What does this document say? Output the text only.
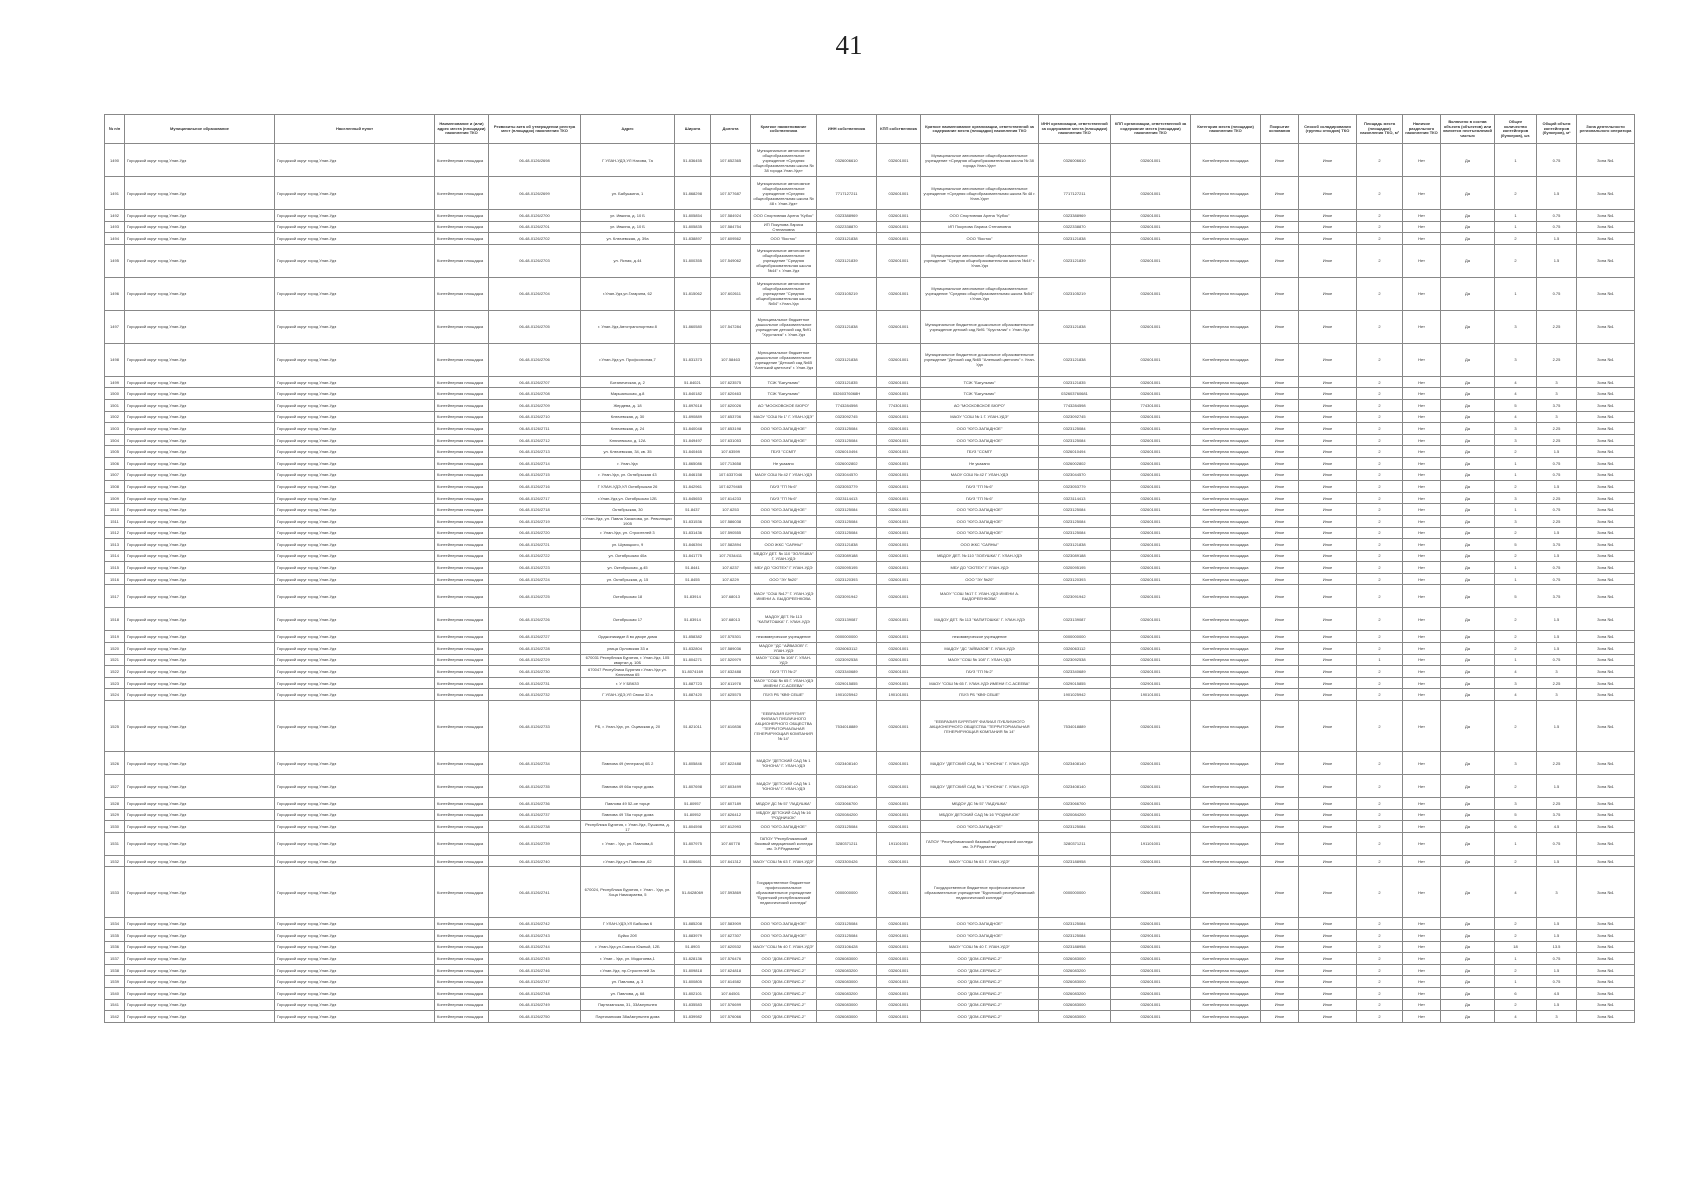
41
№ п/п	Муниципальное образование	Населенный пункт	Наименование и (или) адрес места (площадки) накопления ТКО	Реквизиты акта об утверждении реестра мест (площадок) накопления ТКО	Адрес	Широта	Долгота	Краткое наименование собственника	ИНН собственника	КПП собственника	Краткое наименование организации, ответственной за содержание места (площадки) накопления ТКО	ИНН организации, ответственной за содержание места (площадки) накопления ТКО	КПП организации, ответственной за содержание места (площадки) накопления ТКО	Категория места (площадки) накопления ТКО	Покрытие основания	Способ складирования (группы отходов) ТКО	Площадь места (площадки) накопления ТКО, м²	Наличие раздельного накопления ТКО	Включено в состав объекта (объектов) или является неотъемлемой частью	Общее количество контейнеров (бункеров), шт.	Общий объем контейнеров (бункеров), м³	Зона деятельности регионального оператора
1490	Городской округ город Улан-Удэ	Городской округ город Улан-Удэ	Контейнерная площадка	06-48-0126/2698	Г УЛАН-УДЭ,УЛ Нахова, 7а	51.836455	107.652365	Муниципальное автономное общеобразовательное учреждение «Средняя общеобразовательная школа № 38 города Улан-Удэ»	0326006610	032601001	Муниципальное автономное общеобразовательное учреждение «Средняя общеобразовательная школа № 38 города Улан-Удэ»	0326006610	032601001	Контейнерная площадка	Иное	Иное	2	Нет	Да	1	0.75	Зона №1
1491	Городской округ город Улан-Удэ	Городской округ город Улан-Удэ	Контейнерная площадка	06-48-0126/2699	ул. Бабушкина, 1	51.868298	107.577687	Муниципальное автономное общеобразовательное учреждение «Средняя общеобразовательная школа № 48 г. Улан-Удэ»	7717127211	032601001	Муниципальное автономное общеобразовательное учреждение «Средняя общеобразовательная школа № 48 г. Улан-Удэ»	7717127211	032601001	Контейнерная площадка	Иное	Иное	2	Нет	Да	2	1.5	Зона №1
1492	Городской округ город Улан-Удэ	Городской округ город Улан-Удэ	Контейнерная площадка	06-48-0126/2700	ул. Ивкина, д. 10 Б	51.805854	107.584924	ООО Спортивная Арена "Кубок"	0323388969	032601001	ООО Спортивная Арена "Кубок"	0323388969	032601001	Контейнерная площадка	Иное	Иное	2	Нет	Да	1	0.75	Зона №1
1493	Городской округ город Улан-Удэ	Городской округ город Улан-Удэ	Контейнерная площадка	06-48-0126/2701	ул. Ивкина, д. 10 Б	51.805835	107.584754	ИП Покулова Лариса Степановна	0322338870	032601001	ИП Покулова Лариса Степановна	0322338870	032601001	Контейнерная площадка	Иное	Иное	2	Нет	Да	1	0.75	Зона №1
1494	Городской округ город Улан-Удэ	Городской округ город Улан-Удэ	Контейнерная площадка	06-48-0126/2702	ул. Ключевская, д. 39а	51.838897	107.609562	ООО "Восток"	0323121838	032601001	ООО "Восток"	0323121838	032601001	Контейнерная площадка	Иное	Иное	2	Нет	Да	2	1.5	Зона №1
1495	Городской округ город Улан-Удэ	Городской округ город Улан-Удэ	Контейнерная площадка	06-48-0126/2703	ул. Ясная, д.44	51.800355	107.549062	Муниципальное автономное общеобразовательное учреждение "Средняя общеобразовательная школа №44" г. Улан-Удэ	0323121839	032601001	Муниципальное автономное общеобразовательное учреждение "Средняя общеобразовательная школа №44" г. Улан-Удэ	0323121839	032601001	Контейнерная площадка	Иное	Иное	2	Нет	Да	2	1.5	Зона №1
1496	Городской округ город Улан-Удэ	Городской округ город Улан-Удэ	Контейнерная площадка	06-48-0126/2704	г.Улан-Удэ,ул.Гагарина, 62	51.815062	107.602611	Муниципальное автономное общеобразовательное учреждение "Средняя общеобразовательная школа №54" г.Улан-Удэ	0323105219	032601001	Муниципальное автономное общеобразовательное учреждение "Средняя общеобразовательная школа №54" г.Улан-Удэ	0323105219	032601001	Контейнерная площадка	Иное	Иное	2	Нет	Да	1	0.75	Зона №1
1497	Городской округ город Улан-Удэ	Городской округ город Улан-Удэ	Контейнерная площадка	06-48-0126/2705	г. Улан-Удэ,Автотранспортная 8	51.860580	107.547284	Муниципальное бюджетное дошкольное образовательное учреждение детский сад №91 "Хрусталик" г. Улан-Удэ	0323121838	032601001	Муниципальное бюджетное дошкольное образовательное учреждение детский сад №91 "Хрусталик" г. Улан-Удэ	0323121838	032601001	Контейнерная площадка	Иное	Иное	2	Нет	Да	3	2.25	Зона №1
1498	Городской округ город Улан-Удэ	Городской округ город Улан-Удэ	Контейнерная площадка	06-48-0126/2706	г.Улан-Удэ,ул. Профсоюзная,7	51.831373	107.58463	Муниципальное бюджетное дошкольное образовательное учреждение "Детский сад №65 "Аленький цветочек" г. Улан-Удэ	0323121838	032601001	Муниципальное бюджетное дошкольное образовательное учреждение "Детский сад №65 "Аленький цветочек" г. Улан-Удэ	0323121838	032601001	Контейнерная площадка	Иное	Иное	2	Нет	Да	3	2.25	Зона №1
1499	Городской округ город Улан-Удэ	Городской округ город Улан-Удэ	Контейнерная площадка	06-48-0126/2707	Ботаническая, д. 2	51.84021	107.623575	ТСЖ "Багульник"	0323121835	032601001	ТСЖ "Багульник"	0323121835	032601001	Контейнерная площадка	Иное	Иное	2	Нет	Да	4	3	Зона №1
1500	Городской округ город Улан-Удэ	Городской округ город Улан-Удэ	Контейнерная площадка	06-48-0126/2708	Маршальская, д.8	51.840182	107.620463	ТСЖ "Багульник"	03260376068Н	032601001	ТСЖ "Багульник"	032603760681	032601001	Контейнерная площадка	Иное	Иное	2	Нет	Да	4	3	Зона №1
1501	Городской округ город Улан-Удэ	Городской округ город Улан-Удэ	Контейнерная площадка	06-48-0126/2709	Жердева, д. 18	51.897618	107.620026	АО "МОСКОВСКОЕ БЮРО"	7743284598	774301001	АО "МОСКОВСКОЕ БЮРО"	7743284598	774301001	Контейнерная площадка	Иное	Иное	2	Нет	Да	5	3.75	Зона №1
1502	Городской округ город Улан-Удэ	Городской округ город Улан-Удэ	Контейнерная площадка	06-48-0126/2710	Ключевская, д. 30	51.890889	107.653706	МАОУ "СОШ № 1" Г. УЛАН-УДЭ"	0323092745	032601001	МАОУ "СОШ № 1 Г. УЛАН-УДЭ"	0323092745	032601001	Контейнерная площадка	Иное	Иное	2	Нет	Да	4	3	Зона №1
1503	Городской округ город Улан-Удэ	Городской округ город Улан-Удэ	Контейнерная площадка	06-48-0126/2711	Ключевская, д. 24	51.840048	107.653198	ООО "ЮГО-ЗАПАДНОЕ"	0323125084	032601001	ООО "ЮГО-ЗАПАДНОЕ"	0323125084	032601001	Контейнерная площадка	Иное	Иное	2	Нет	Да	3	2.25	Зона №1
1504	Городской округ город Улан-Удэ	Городской округ город Улан-Удэ	Контейнерная площадка	06-48-0126/2712	Ключевская, д. 12А	51.849497	107.631053	ООО "ЮГО-ЗАПАДНОЕ"	0323125084	032601001	ООО "ЮГО-ЗАПАДНОЕ"	0323125084	032601001	Контейнерная площадка	Иное	Иное	2	Нет	Да	3	2.25	Зона №1
1505	Городской округ город Улан-Удэ	Городской округ город Улан-Удэ	Контейнерная площадка	06-48-0126/2713	ул. Ключевская, 34, кв. 35	51.840465	107.63599	ГБУЗ "ССМП"	0326010494	032601001	ГБУЗ "ССМП"	0326010494	032601001	Контейнерная площадка	Иное	Иное	2	Нет	Да	2	1.5	Зона №1
1506	Городской округ город Улан-Удэ	Городской округ город Улан-Удэ	Контейнерная площадка	06-48-0126/2714	г. Улан-Удэ	51.865086	107.713658	Не указано	0326002802	032601001	Не указано	0326002802	032601001	Контейнерная площадка	Иное	Иное	2	Нет	Да	1	0.75	Зона №1
1507	Городской округ город Улан-Удэ	Городской округ город Улан-Удэ	Контейнерная площадка	06-48-0126/2715	г. Улан-Удэ, ул. Октябрьская 43	51.846158	107.6337046	МАОУ СОШ № 42 Г УЛАН-УДЭ	0323044570	032601001	МАОУ СОШ № 42 Г УЛАН-УДЭ	0323044570	032601001	Контейнерная площадка	Иное	Иное	2	Нет	Да	1	0.75	Зона №1
1508	Городской округ город Улан-Удэ	Городской округ город Улан-Удэ	Контейнерная площадка	06-48-0126/2716	Г УЛАН-УДЭ,УЛ Октябрьская 26	51.842961	107.6279465	ГАУЗ "ГП № 6"	0323053779	032601001	ГАУЗ "ГП № 6"	0323053779	032601001	Контейнерная площадка	Иное	Иное	2	Нет	Да	2	1.5	Зона №1
1509	Городской округ город Улан-Удэ	Городской округ город Улан-Удэ	Контейнерная площадка	06-48-0126/2717	г.Улан-Удэ,ул. Октябрьская 12Б	51.845653	107.614233	ГАУЗ "ГП № 6"	0323114413	032601001	ГАУЗ "ГП № 6"	0323114413	032601001	Контейнерная площадка	Иное	Иное	2	Нет	Да	3	2.25	Зона №1
1510	Городской округ город Улан-Удэ	Городской округ город Улан-Удэ	Контейнерная площадка	06-48-0126/2718	Октябрьская, 30	51.8437	107.6253	ООО "ЮГО-ЗАПАДНОЕ"	0323125084	032601001	ООО "ЮГО-ЗАПАДНОЕ"	0323125084	032601001	Контейнерная площадка	Иное	Иное	2	Нет	Да	1	0.75	Зона №1
1511	Городской округ город Улан-Удэ	Городской округ город Улан-Удэ	Контейнерная площадка	06-48-0126/2719	г.Улан-Удэ, ул. Павла Хахалова, ул. Революции 1905	51.831536	107.586038	ООО "ЮГО-ЗАПАДНОЕ"	0323125084	032601001	ООО "ЮГО-ЗАПАДНОЕ"	0323125084	032601001	Контейнерная площадка	Иное	Иное	2	Нет	Да	3	2.25	Зона №1
1512	Городской округ город Улан-Удэ	Городской округ город Улан-Удэ	Контейнерная площадка	06-48-0126/2720	г. Улан-Удэ, ул. Строителей 3	51.831436	107.590555	ООО "ЮГО-ЗАПАДНОЕ"	0323125084	032601001	ООО "ЮГО-ЗАПАДНОЕ"	0323125084	032601001	Контейнерная площадка	Иное	Иное	2	Нет	Да	2	1.5	Зона №1
1513	Городской округ город Улан-Удэ	Городской округ город Улан-Удэ	Контейнерная площадка	06-48-0126/2721	ул. Шумяцкого, 9	51.846394	107.582894	ООО ЖКС "САЯНЫ"	0323121838	032601001	ООО ЖКС "САЯНЫ"	0323121838	032601001	Контейнерная площадка	Иное	Иное	2	Нет	Да	5	3.75	Зона №1
1514	Городской округ город Улан-Удэ	Городской округ город Улан-Удэ	Контейнерная площадка	06-48-0126/2722	ул. Октябрьская 40а	51.841775	107.7034411	МБДОУ ДЕТ. № 110 "ЗОЛУШКА" Г. УЛАН-УДЭ	0323089188	032601001	МБДОУ ДЕТ. № 110 "ЗОЛУШКА" Г. УЛАН-УДЭ	0323089188	032601001	Контейнерная площадка	Иное	Иное	2	Нет	Да	2	1.5	Зона №1
1515	Городской округ город Улан-Удэ	Городской округ город Улан-Удэ	Контейнерная площадка	06-48-0126/2723	ул. Октябрьская, д.45	51.8441	107.6237	МБУ ДО "СЮТЕХ" Г УЛАН-УДЭ	0320095195	032601001	МБУ ДО "СЮТЕХ" Г УЛАН-УДЭ	0320095195	032601001	Контейнерная площадка	Иное	Иное	2	Нет	Да	1	0.75	Зона №1
1516	Городской округ город Улан-Удэ	Городской округ город Улан-Удэ	Контейнерная площадка	06-48-0126/2724	ул. Октябрьская, д. 15	51.8455	107.6229	ООО "ЭУ №20"	0323120393	032601001	ООО "ЭУ №20"	0323120393	032601001	Контейнерная площадка	Иное	Иное	2	Нет	Да	1	0.75	Зона №1
1517	Городской округ город Улан-Удэ	Городской округ город Улан-Удэ	Контейнерная площадка	06-48-0126/2725	Октябрьская 18	51.83914	107.68013	МАОУ "СОШ №17" Г. УЛАН-УДЭ ИМЕНИ А. БЫДОРЕЕНКОВА	0323091942	032601001	МАОУ "СОШ №17 Г. УЛАН-УДЭ ИМЕНИ А. БЫДОРЕЕНКОВА"	0323091942	032601001	Контейнерная площадка	Иное	Иное	2	Нет	Да	5	3.75	Зона №1
1518	Городской округ город Улан-Удэ	Городской округ город Улан-Удэ	Контейнерная площадка	06-48-0126/2726	Октябрьская 17	51.83914	107.68013	МАДОУ ДЕТ. № 113 "КАПИТОШКА" Г. УЛАН-УДЭ	0323139087	032601001	МАДОУ ДЕТ. № 113 "КАПИТОШКА" Г. УЛАН-УДЭ	0323139087	032601001	Контейнерная площадка	Иное	Иное	2	Нет	Да	2	1.5	Зона №1
1519	Городской округ город Улан-Удэ	Городской округ город Улан-Удэ	Контейнерная площадка	06-48-0126/2727	Орджоникидзе 8 во дворе дома	51.858382	107.575301	некоммерческое учреждение	0000000000	032601001	некоммерческое учреждение	0000000000	032601001	Контейнерная площадка	Иное	Иное	2	Нет	Да	2	1.5	Зона №1
1520	Городской округ город Улан-Удэ	Городской округ город Улан-Удэ	Контейнерная площадка	06-48-0126/2728	улица Орловская 33 а	51.832804	107.589036	МАДОУ "ДС "АЙВАЗОВ" Г. УЛАН-УДЭ	0326063112	032601001	МАДОУ "ДС "АЙВАЗОВ" Г. УЛАН-УДЭ	0326063112	032601001	Контейнерная площадка	Иное	Иное	2	Нет	Да	2	1.5	Зона №1
1521	Городской округ город Улан-Удэ	Городской округ город Улан-Удэ	Контейнерная площадка	06-48-0126/2729	670031 Республика Бурятия, г. Улан-Удэ, 105 квартал д. 10Б	51.804271	107.520979	МАОУ "СОШ № 108" Г. УЛАН-УДЭ	0323092538	032601001	МАОУ "СОШ № 108" Г. УЛАН-УДЭ	0323092538	032601001	Контейнерная площадка	Иное	Иное	1	Нет	Да	1	0.75	Зона №1
1522	Городской округ город Улан-Удэ	Городской округ город Улан-Удэ	Контейнерная площадка	06-48-0126/2730	670047 Республика Бурятия г.Улан-Удэ ул. Ключевая 65	51.8074169	107.632488	ГАУЗ "ГП № 2"	0323340689	032601001	ГАУЗ "ГП № 2"	0323340689	032601001	Контейнерная площадка	Иное	Иное	2	Нет	Да	4	3	Зона №1
1523	Городской округ город Улан-Удэ	Городской округ город Улан-Удэ	Контейнерная площадка	06-48-0126/2731	г. У У БВКЗЗ	51.887723	107.611978	МАОУ "СОШ № 65 Г. УЛАН-УДЭ ИМЕНИ Г.С.АСЕЕВА"	0329015855	032901001	МАОУ "СОШ № 65 Г. УЛАН-УДЭ ИМЕНИ Г.С.АСЕЕВА"	0329015855	032901001	Контейнерная площадка	Иное	Иное	2	Нет	Да	3	2.25	Зона №1
1524	Городской округ город Улан-Удэ	Городской округ город Улан-Удэ	Контейнерная площадка	06-48-0126/2732	Г УЛАН-УДЭ,УЛ Связи 32 а	51.887420	107.625575	ГБУЗ РБ "КВФ СЕШЕ"	1901025942	190101001	ГБУЗ РБ "КВФ СЕШЕ"	1901025942	190101001	Контейнерная площадка	Иное	Иное	2	Нет	Да	4	3	Зона №1
1525	Городской округ город Улан-Удэ	Городской округ город Улан-Удэ	Контейнерная площадка	06-48-0126/2733	РБ, г. Улан-Удэ, ул. Оцимская д. 20	51.821011	107.610836	"ЕЕВРАЗИЯ БУРЯТИЯ" ФИЛИАЛ ПУБЛИЧНОГО АКЦИОНЕРНОГО ОБЩЕСТВА "ТЕРРИТОРИАЛЬНАЯ ГЕНЕРИРУЮЩАЯ КОМПАНИЯ № 14"	7534018889	032601001	"ЕЕВРАЗИЯ БУРЯТИЯ" ФИЛИАЛ ПУБЛИЧНОГО АКЦИОНЕРНОГО ОБЩЕСТВА "ТЕРРИТОРИАЛЬНАЯ ГЕНЕРИРУЮЩАЯ КОМПАНИЯ № 14"	7534018889	032601001	Контейнерная площадка	Иное	Иное	2	Нет	Да	2	1.5	Зона №1
1526	Городской округ город Улан-Удэ	Городской округ город Улан-Удэ	Контейнерная площадка	06-48-0126/2734	Павлова 49 (генерала) 6Б 2	51.805846	107.622488	МАДОУ "ДЕТСКИЙ САД № 1 "ЮНОНА" Г. УЛАН-УДЭ	0323408140	032601001	МАДОУ "ДЕТСКИЙ САД № 1 "ЮНОНА" Г. УЛАН-УДЭ	0323408140	032601001	Контейнерная площадка	Иное	Иное	2	Нет	Да	3	2.25	Зона №1
1527	Городской округ город Улан-Удэ	Городской округ город Улан-Удэ	Контейнерная площадка	06-48-0126/2735	Павлова 49 66а торце дома	51.807698	107.603499	МАДОУ "ДЕТСКИЙ САД № 1 "ЮНОНА" Г. УЛАН-УДЭ	0323408140	032601001	МАДОУ "ДЕТСКИЙ САД № 1 "ЮНОНА" Г. УЛАН-УДЭ	0323408140	032601001	Контейнерная площадка	Иное	Иное	2	Нет	Да	2	1.5	Зона №1
1528	Городской округ город Улан-Удэ	Городской округ город Улан-Удэ	Контейнерная площадка	06-48-0126/2736	Павлова 49 52-ое торце	51.80957	107.607189	МБДОУ ДС № 57 "ЛАДУШКА"	0323066700	032601001	МБДОУ ДС № 57 "ЛАДУШКА"	0323066700	032601001	Контейнерная площадка	Иное	Иное	2	Нет	Да	3	2.25	Зона №1
1529	Городской округ город Улан-Удэ	Городской округ город Улан-Удэ	Контейнерная площадка	06-48-0126/2737	Павлова 49 78а торце дома	51.80952	107.626412	МБДОУ ДЕТСКИЙ САД № 16 "РОДНИЧОК"	0320084200	032601001	МБДОУ ДЕТСКИЙ САД № 16 "РОДНИЧОК"	0320084200	032601001	Контейнерная площадка	Иное	Иное	2	Нет	Да	5	3.75	Зона №1
1530	Городской округ город Улан-Удэ	Городской округ город Улан-Удэ	Контейнерная площадка	06-48-0126/2738	Республика Бурятия, г. Улан-Удэ, Пушкина, д. 17	51.804598	107.612993	ООО "ЮГО-ЗАПАДНОЕ"	0323125084	032601001	ООО "ЮГО-ЗАПАДНОЕ"	0323125084	032601001	Контейнерная площадка	Иное	Иное	2	Нет	Да	6	4.5	Зона №1
1531	Городской округ город Улан-Удэ	Городской округ город Улан-Удэ	Контейнерная площадка	06-48-0126/2739	г. Улан - Удэ, ул. Павлова,8	51.807975	107.60778	ГАПОУ "Республиканский базовый медицинский колледж им. Э.Р.Раднаева"	3280371211	191101001	ГАПОУ "Республиканский базовый медицинский колледж им. Э.Р.Раднаева"	3280371211	191101001	Контейнерная площадка	Иное	Иное	2	Нет	Да	1	0.75	Зона №1
1532	Городской округ город Улан-Удэ	Городской округ город Улан-Удэ	Контейнерная площадка	06-48-0126/2740	г.Улан-Удэ,ул.Павлова ,62	51.806681	107.641312	МАОУ "СОШ № 63 Г. УЛАН-УДЭ"	0323300426	032601001	МАОУ "СОШ № 63 Г. УЛАН-УДЭ"	0323188958	032601001	Контейнерная площадка	Иное	Иное	2	Нет	Да	2	1.5	Зона №1
1533	Городской округ город Улан-Удэ	Городской округ город Улан-Удэ	Контейнерная площадка	06-48-0126/2741	670024, Республика Бурятия, г. Улан - Удэ, ул. Хоца Намсараева, 5	51.8428069	107.593869	Государственное бюджетное профессиональное образовательное учреждение "Бурятский республиканский педагогический колледж"	0000000000	032601001	Государственное бюджетное профессиональное образовательное учреждение "Бурятский республиканский педагогический колледж"	0000000000	032601001	Контейнерная площадка	Иное	Иное	2	Нет	Да	4	3	Зона №1
1534	Городской округ город Улан-Удэ	Городской округ город Улан-Удэ	Контейнерная площадка	06-48-0126/2742	Г УЛАН-УДЭ,УЛ Бабкова 6	51.885208	107.583909	ООО "ЮГО-ЗАПАДНОЕ"	0323125084	032601001	ООО "ЮГО-ЗАПАДНОЕ"	0323125084	032601001	Контейнерная площадка	Иное	Иное	2	Нет	Да	2	1.5	Зона №1
1535	Городской округ город Улан-Удэ	Городской округ город Улан-Удэ	Контейнерная площадка	06-48-0126/2743	Буйко 20б	51.883979	107.627307	ООО "ЮГО-ЗАПАДНОЕ"	0323125084	032901001	ООО "ЮГО-ЗАПАДНОЕ"	0323125084	032901001	Контейнерная площадка	Иное	Иное	2	Нет	Да	2	1.5	Зона №1
1536	Городской округ город Улан-Удэ	Городской округ город Улан-Удэ	Контейнерная площадка	06-48-0126/2744	г. Улан-Удэ,ул.Совхоз Южный, 12Б	51.8903	107.620532	МАОУ "СОШ № 40 Г. УЛАН-УДЭ"	0323106428	032601001	МАОУ "СОШ № 40 Г. УЛАН-УДЭ"	0323188958	032601001	Контейнерная площадка	Иное	Иное	2	Нет	Да	18	13.5	Зона №1
1537	Городской округ город Улан-Удэ	Городской округ город Улан-Удэ	Контейнерная площадка	06-48-0126/2745	г. Улан - Удэ, ул. Модогоева,1	51.828136	107.576476	ООО "ДОМ-СЕРВИС-2"	0326083000	032601001	ООО "ДОМ-СЕРВИС-2"	0326083000	032601001	Контейнерная площадка	Иное	Иное	2	Нет	Да	1	0.75	Зона №1
1538	Городской округ город Улан-Удэ	Городской округ город Улан-Удэ	Контейнерная площадка	06-48-0126/2746	г.Улан-Удэ, пр.Строителей 3а	51.809818	107.624818	ООО "ДОМ-СЕРВИС-2"	0326083200	032601001	ООО "ДОМ-СЕРВИС-2"	0326083200	032601001	Контейнерная площадка	Иное	Иное	2	Нет	Да	2	1.5	Зона №1
1539	Городской округ город Улан-Удэ	Городской округ город Улан-Удэ	Контейнерная площадка	06-48-0126/2747	ул. Павлова, д. 3	51.800805	107.614582	ООО "ДОМ-СЕРВИС-2"	0326083000	032601001	ООО "ДОМ-СЕРВИС-2"	0326083000	032601001	Контейнерная площадка	Иное	Иное	2	Нет	Да	1	0.75	Зона №1
1540	Городской округ город Улан-Удэ	Городской округ город Улан-Удэ	Контейнерная площадка	06-48-0126/2748	ул. Павлова, д. 68	51.802101	107.64501	ООО "ДОМ-СЕРВИС-2"	0326083200	032601001	ООО "ДОМ-СЕРВИС-2"	0326083200	032601001	Контейнерная площадка	Иное	Иное	2	Нет	Да	6	4.5	Зона №1
1541	Городской округ город Улан-Удэ	Городской округ город Улан-Удэ	Контейнерная площадка	06-48-0126/2749	Партизанская, 31, 33Амгуньнея	51.835583	107.576699	ООО "ДОМ-СЕРВИС-2"	0326083000	032601001	ООО "ДОМ-СЕРВИС-2"	0326083000	032601001	Контейнерная площадка	Иное	Иное	2	Нет	Да	2	1.5	Зона №1
1542	Городской округ город Улан-Удэ	Городской округ город Улан-Удэ	Контейнерная площадка	06-48-0126/2750	Партизанская 38аАмгуньнея дома	51.839982	107.576066	ООО "ДОМ-СЕРВИС-2"	0326083000	032601001	ООО "ДОМ-СЕРВИС-2"	0326083000	032601001	Контейнерная площадка	Иное	Иное	2	Нет	Да	4	3	Зона №1
